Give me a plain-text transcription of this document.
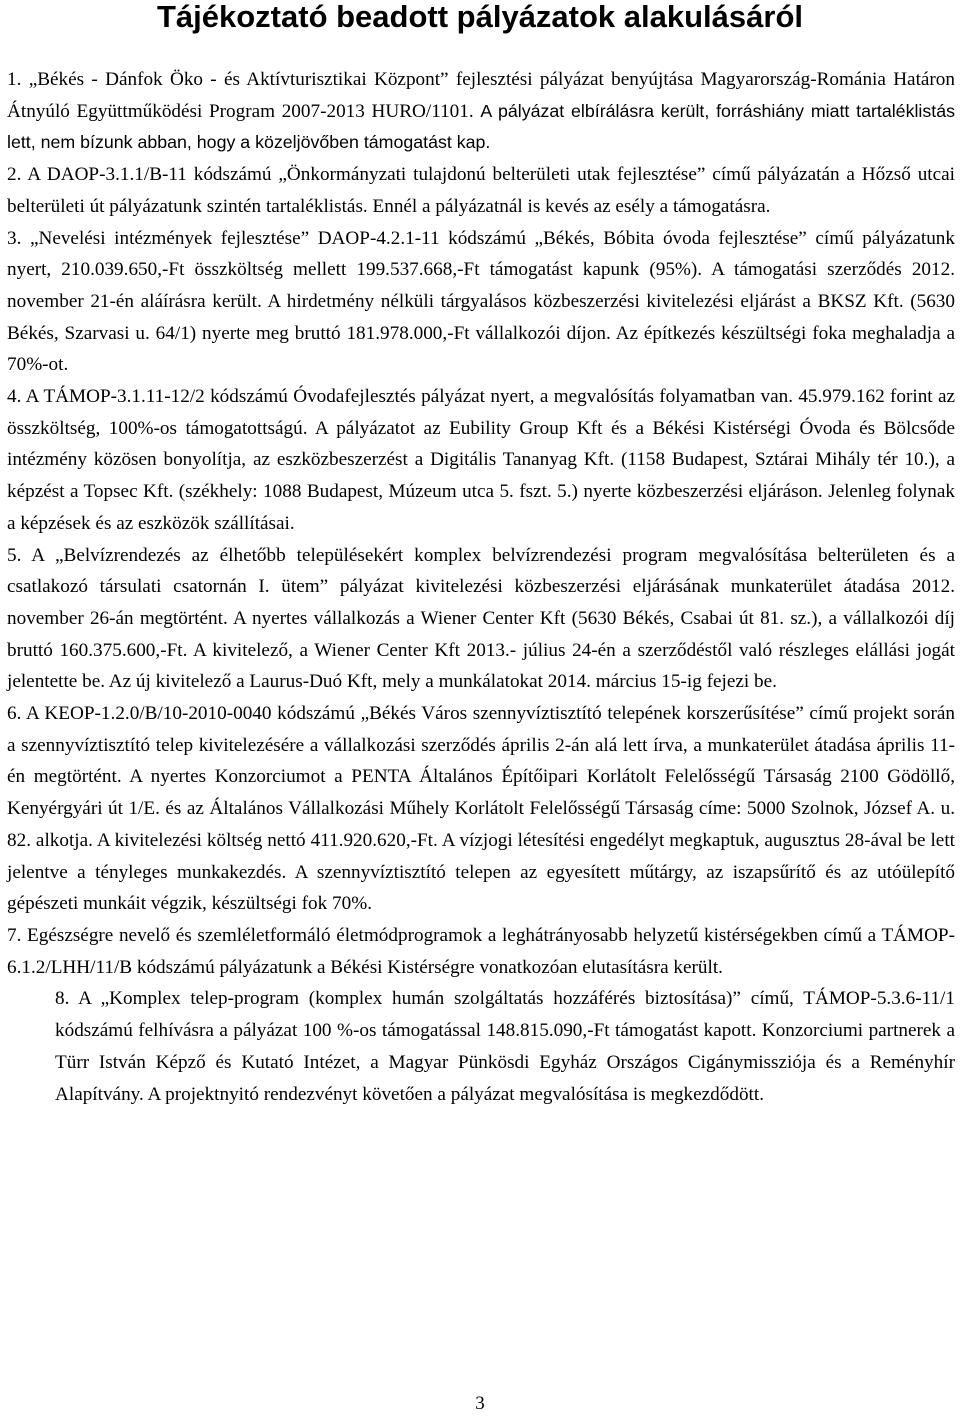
Tájékoztató beadott pályázatok alakulásáról

1. „Békés - Dánfok Öko - és Aktívturisztikai Központ” fejlesztési pályázat benyújtása Magyarország-Románia Határon Átnyúló Együttműködési Program 2007-2013 HURO/1101. A pályázat elbírálásra került, forráshiány miatt tartaléklistás lett, nem bízunk abban, hogy a közeljövőben támogatást kap.

2. A DAOP-3.1.1/B-11 kódszámú „Önkormányzati tulajdonú belterületi utak fejlesztése” című pályázatán a Hőzső utcai belterületi út pályázatunk szintén tartaléklistás. Ennél a pályázatnál is kevés az esély a támogatásra.

3. „Nevelési intézmények fejlesztése” DAOP-4.2.1-11 kódszámú „Békés, Bóbita óvoda fejlesztése” című pályázatunk nyert, 210.039.650,-Ft összköltség mellett 199.537.668,-Ft támogatást kapunk (95%). A támogatási szerződés 2012. november 21-én aláírásra került. A hirdetmény nélküli tárgyalásos közbeszerzési kivitelezési eljárást a BKSZ Kft. (5630 Békés, Szarvasi u. 64/1) nyerte meg bruttó 181.978.000,-Ft vállalkozói díjon. Az építkezés készültségi foka meghaladja a 70%-ot.

4. A TÁMOP-3.1.11-12/2 kódszámú Óvodafejlesztés pályázat nyert, a megvalósítás folyamatban van. 45.979.162 forint az összköltség, 100%-os támogatottságú. A pályázatot az Eubility Group Kft és a Békési Kistérségi Óvoda és Bölcsőde intézmény közösen bonyolítja, az eszközbeszerzést a Digitális Tananyag Kft. (1158 Budapest, Sztárai Mihály tér 10.), a képzést a Topsec Kft. (székhely: 1088 Budapest, Múzeum utca 5. fszt. 5.) nyerte közbeszerzési eljáráson. Jelenleg folynak a képzések és az eszközök szállításai.

5. A „Belvízrendezés az élhetőbb településekért komplex belvízrendezési program megvalósítása belterületen és a csatlakozó társulati csatornán I. ütem” pályázat kivitelezési közbeszerzési eljárásának munkaterület átadása 2012. november 26-án megtörtént. A nyertes vállalkozás a Wiener Center Kft (5630 Békés, Csabai út 81. sz.), a vállalkozói díj bruttó 160.375.600,-Ft. A kivitelező, a Wiener Center Kft 2013.- július 24-én a szerződéstől való részleges elállási jogát jelentette be. Az új kivitelező a Laurus-Duó Kft, mely a munkálatokat 2014. március 15-ig fejezi be.

6. A KEOP-1.2.0/B/10-2010-0040 kódszámú „Békés Város szennyvíztisztító telepének korszerűsítése” című projekt során a szennyvíztisztító telep kivitelezésére a vállalkozási szerződés április 2-án alá lett írva, a munkaterület átadása április 11-én megtörtént. A nyertes Konzorciumot a PENTA Általános Építőipari Korlátolt Felelősségű Társaság 2100 Gödöllő, Kenyérgyári út 1/E. és az Általános Vállalkozási Műhely Korlátolt Felelősségű Társaság címe: 5000 Szolnok, József A. u. 82. alkotja. A kivitelezési költség nettó 411.920.620,-Ft. A vízjogi létesítési engedélyt megkaptuk, augusztus 28-ával be lett jelentve a tényleges munkakezdés. A szennyvíztisztító telepen az egyesített műtárgy, az iszapsűrítő és az utóülepítő gépészeti munkáit végzik, készültségi fok 70%.

7. Egészségre nevelő és szemléletformáló életmódprogramok a leghátrányosabb helyzetű kistérségekben című a TÁMOP-6.1.2/LHH/11/B kódszámú pályázatunk a Békési Kistérségre vonatkozóan elutasításra került.

8. A „Komplex telep-program (komplex humán szolgáltatás hozzáférés biztosítása)” című, TÁMOP-5.3.6-11/1 kódszámú felhívásra a pályázat 100 %-os támogatással 148.815.090,-Ft támogatást kapott. Konzorciumi partnerek a Türr István Képző és Kutató Intézet, a Magyar Pünkösdi Egyház Országos Cigánymissziója és a Reményhír Alapítvány. A projektnyitó rendezvényt követően a pályázat megvalósítása is megkezdődött.

3
